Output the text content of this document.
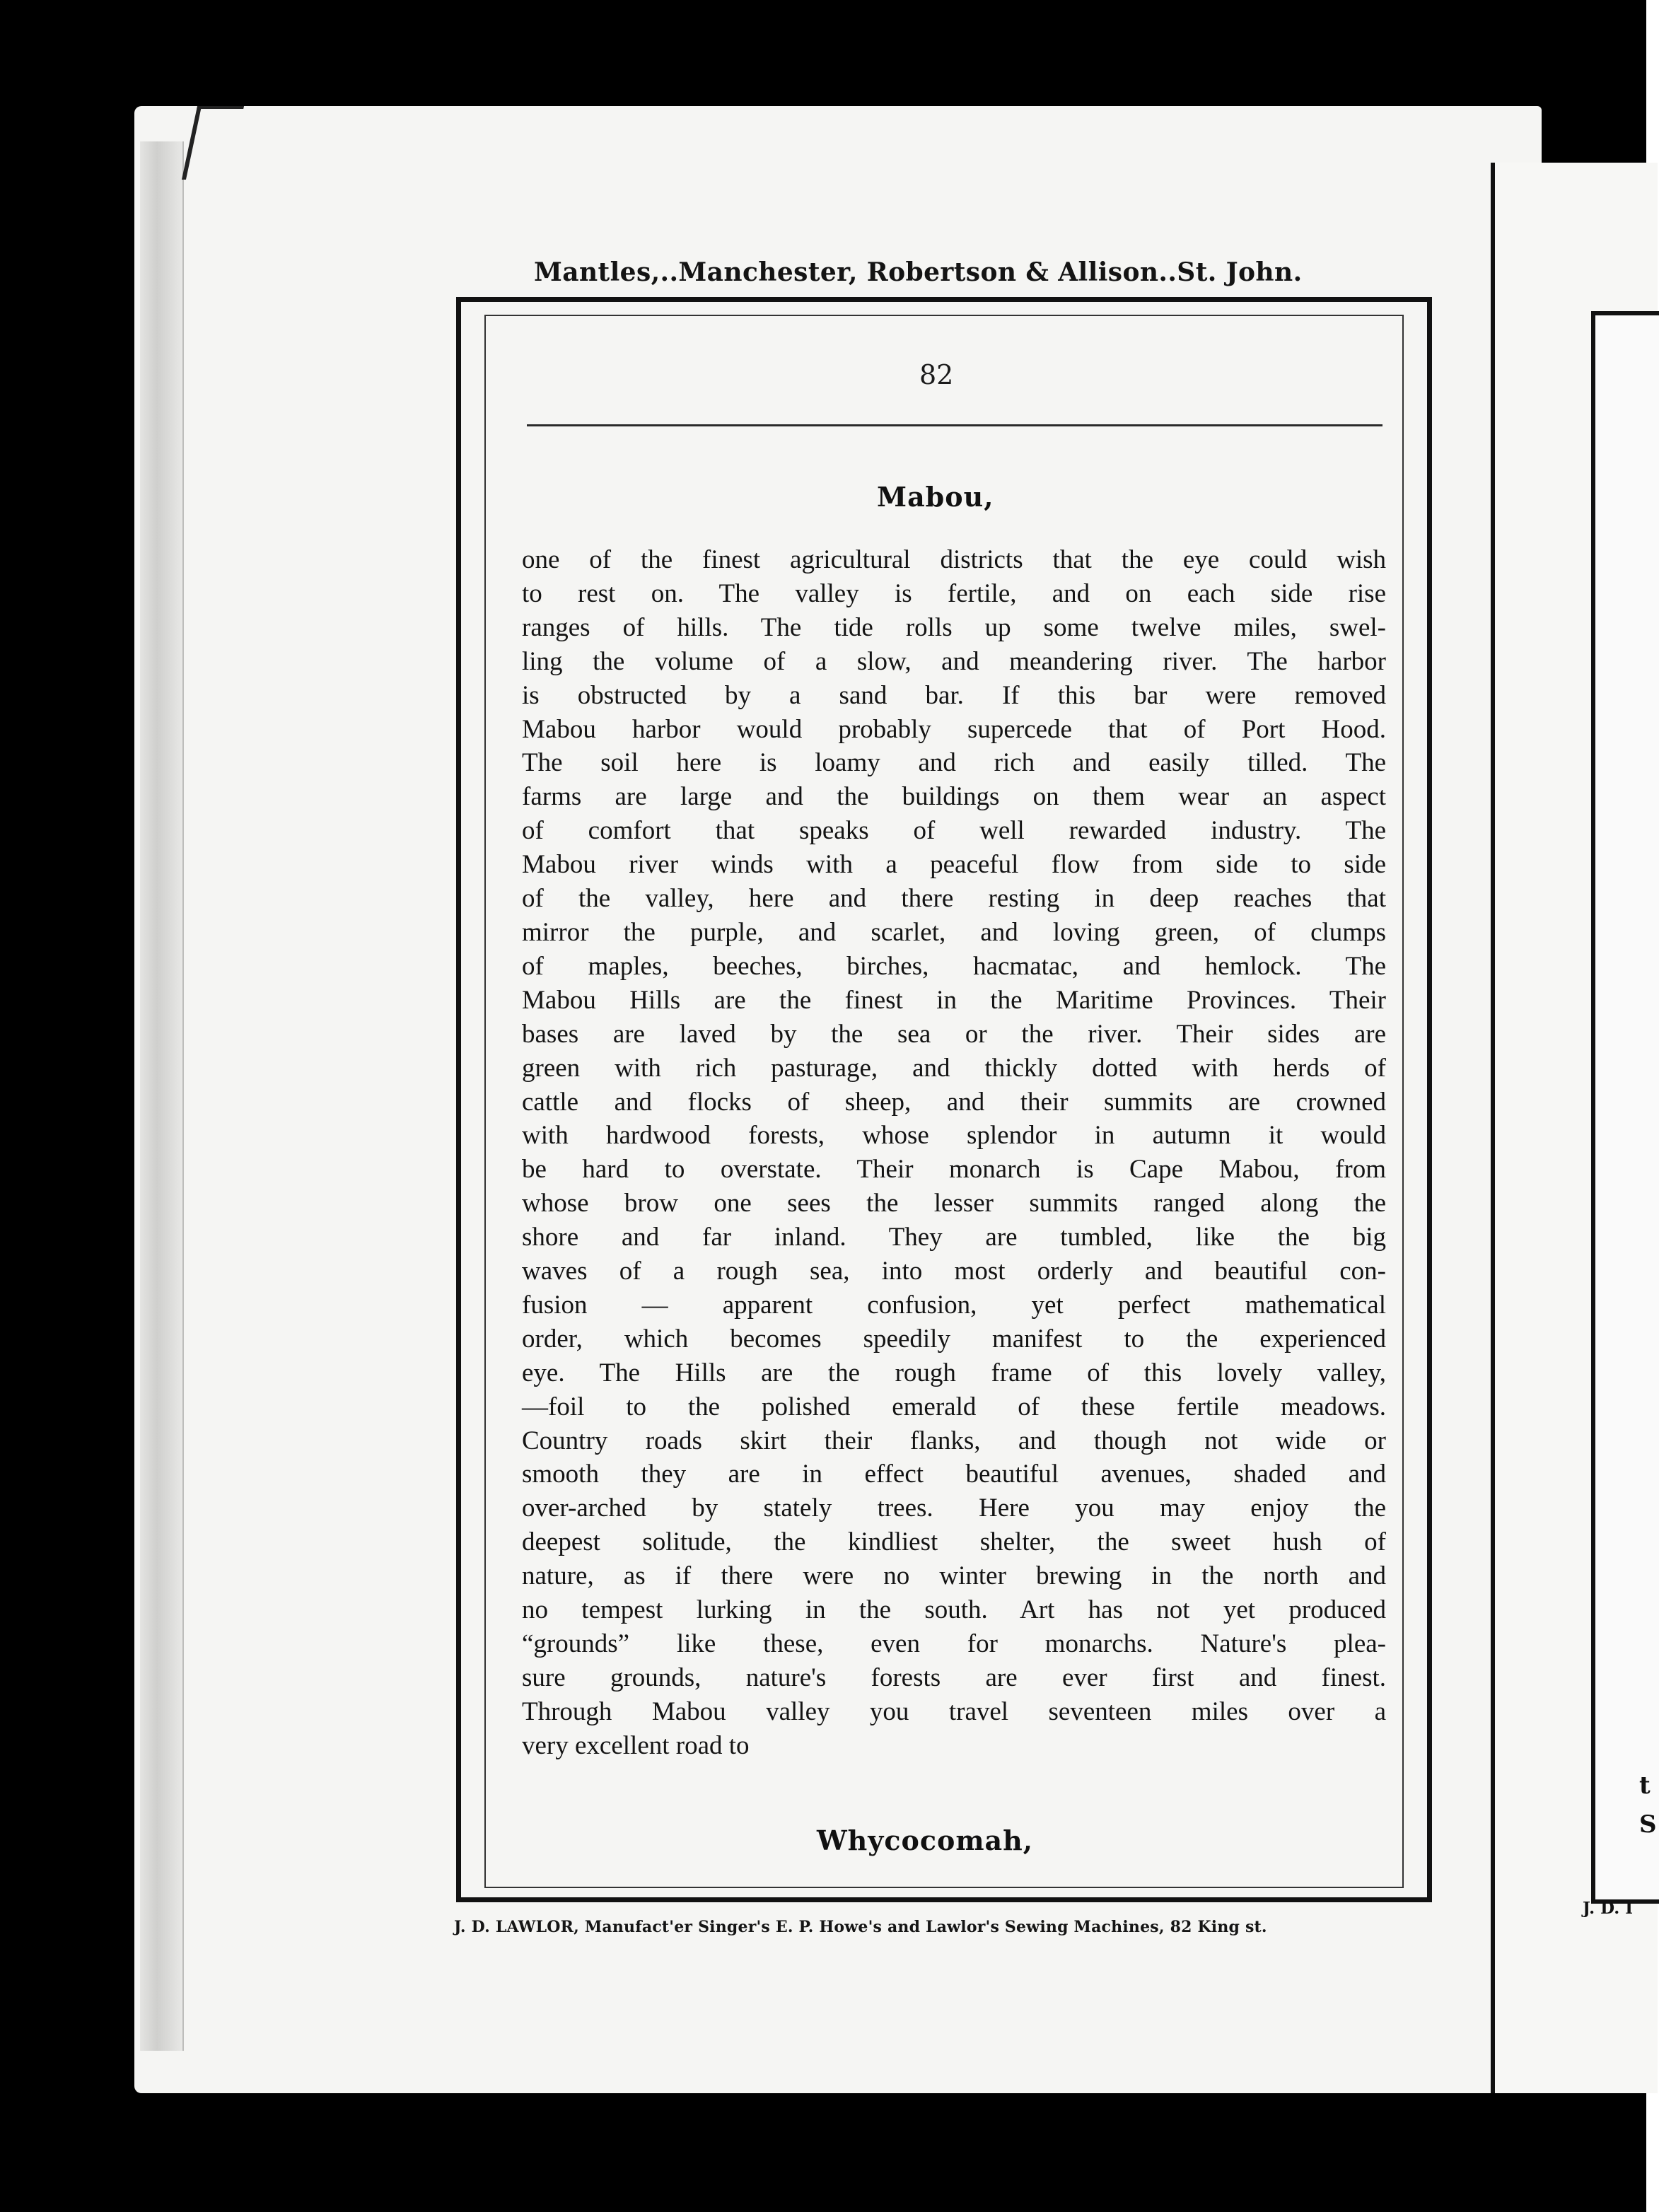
t
S
J. D. I
Mantles,..Manchester, Robertson & Allison..St. John.
82
Mabou,
one of the finest agricultural districts that the eye could wish
to rest on. The valley is fertile, and on each side rise
ranges of hills. The tide rolls up some twelve miles, swel-
ling the volume of a slow, and meandering river. The harbor
is obstructed by a sand bar. If this bar were removed
Mabou harbor would probably supercede that of Port Hood.
The soil here is loamy and rich and easily tilled. The
farms are large and the buildings on them wear an aspect
of comfort that speaks of well rewarded industry. The
Mabou river winds with a peaceful flow from side to side
of the valley, here and there resting in deep reaches that
mirror the purple, and scarlet, and loving green, of clumps
of maples, beeches, birches, hacmatac, and hemlock. The
Mabou Hills are the finest in the Maritime Provinces. Their
bases are laved by the sea or the river. Their sides are
green with rich pasturage, and thickly dotted with herds of
cattle and flocks of sheep, and their summits are crowned
with hardwood forests, whose splendor in autumn it would
be hard to overstate. Their monarch is Cape Mabou, from
whose brow one sees the lesser summits ranged along the
shore and far inland. They are tumbled, like the big
waves of a rough sea, into most orderly and beautiful con-
fusion — apparent confusion, yet perfect mathematical
order, which becomes speedily manifest to the experienced
eye. The Hills are the rough frame of this lovely valley,
—foil to the polished emerald of these fertile meadows.
Country roads skirt their flanks, and though not wide or
smooth they are in effect beautiful avenues, shaded and
over-arched by stately trees. Here you may enjoy the
deepest solitude, the kindliest shelter, the sweet hush of
nature, as if there were no winter brewing in the north and
no tempest lurking in the south. Art has not yet produced
“grounds” like these, even for monarchs. Nature's plea-
sure grounds, nature's forests are ever first and finest.
Through Mabou valley you travel seventeen miles over a
very excellent road to
Whycocomah,
J. D. LAWLOR, Manufact'er Singer's E. P. Howe's and Lawlor's Sewing Machines, 82 King st.
